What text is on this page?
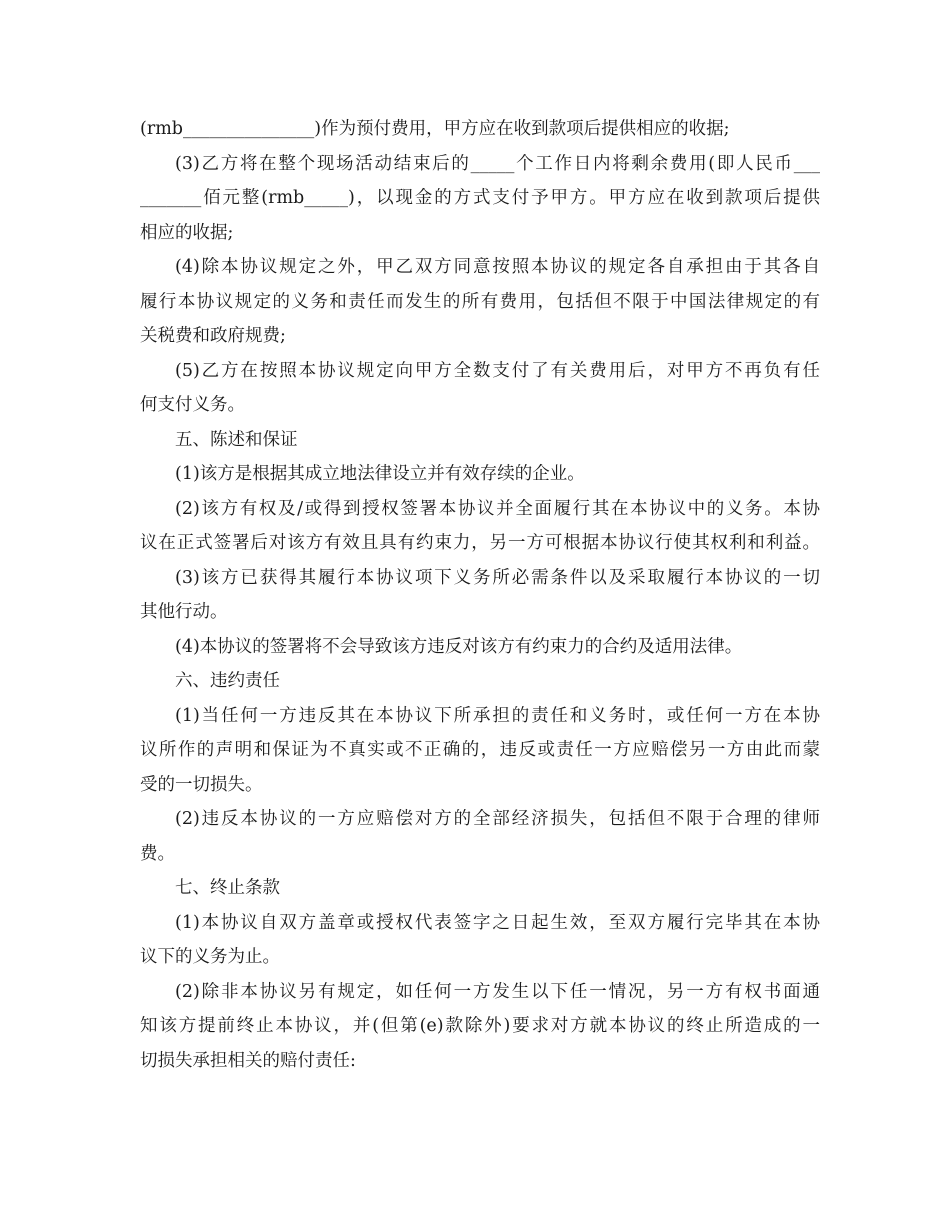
(rmb_______________)作为预付费用，甲方应在收到款项后提供相应的收据;
(3)乙方将在整个现场活动结束后的_____个工作日内将剩余费用(即人民币___
_______佰元整(rmb_____)，以现金的方式支付予甲方。甲方应在收到款项后提供
相应的收据;
(4)除本协议规定之外，甲乙双方同意按照本协议的规定各自承担由于其各自
履行本协议规定的义务和责任而发生的所有费用，包括但不限于中国法律规定的有
关税费和政府规费;
(5)乙方在按照本协议规定向甲方全数支付了有关费用后，对甲方不再负有任
何支付义务。
五、陈述和保证
(1)该方是根据其成立地法律设立并有效存续的企业。
(2)该方有权及/或得到授权签署本协议并全面履行其在本协议中的义务。本协
议在正式签署后对该方有效且具有约束力，另一方可根据本协议行使其权利和利益。
(3)该方已获得其履行本协议项下义务所必需条件以及采取履行本协议的一切
其他行动。
(4)本协议的签署将不会导致该方违反对该方有约束力的合约及适用法律。
六、违约责任
(1)当任何一方违反其在本协议下所承担的责任和义务时，或任何一方在本协
议所作的声明和保证为不真实或不正确的，违反或责任一方应赔偿另一方由此而蒙
受的一切损失。
(2)违反本协议的一方应赔偿对方的全部经济损失，包括但不限于合理的律师
费。
七、终止条款
(1)本协议自双方盖章或授权代表签字之日起生效，至双方履行完毕其在本协
议下的义务为止。
(2)除非本协议另有规定，如任何一方发生以下任一情况，另一方有权书面通
知该方提前终止本协议，并(但第(e)款除外)要求对方就本协议的终止所造成的一
切损失承担相关的赔付责任:
